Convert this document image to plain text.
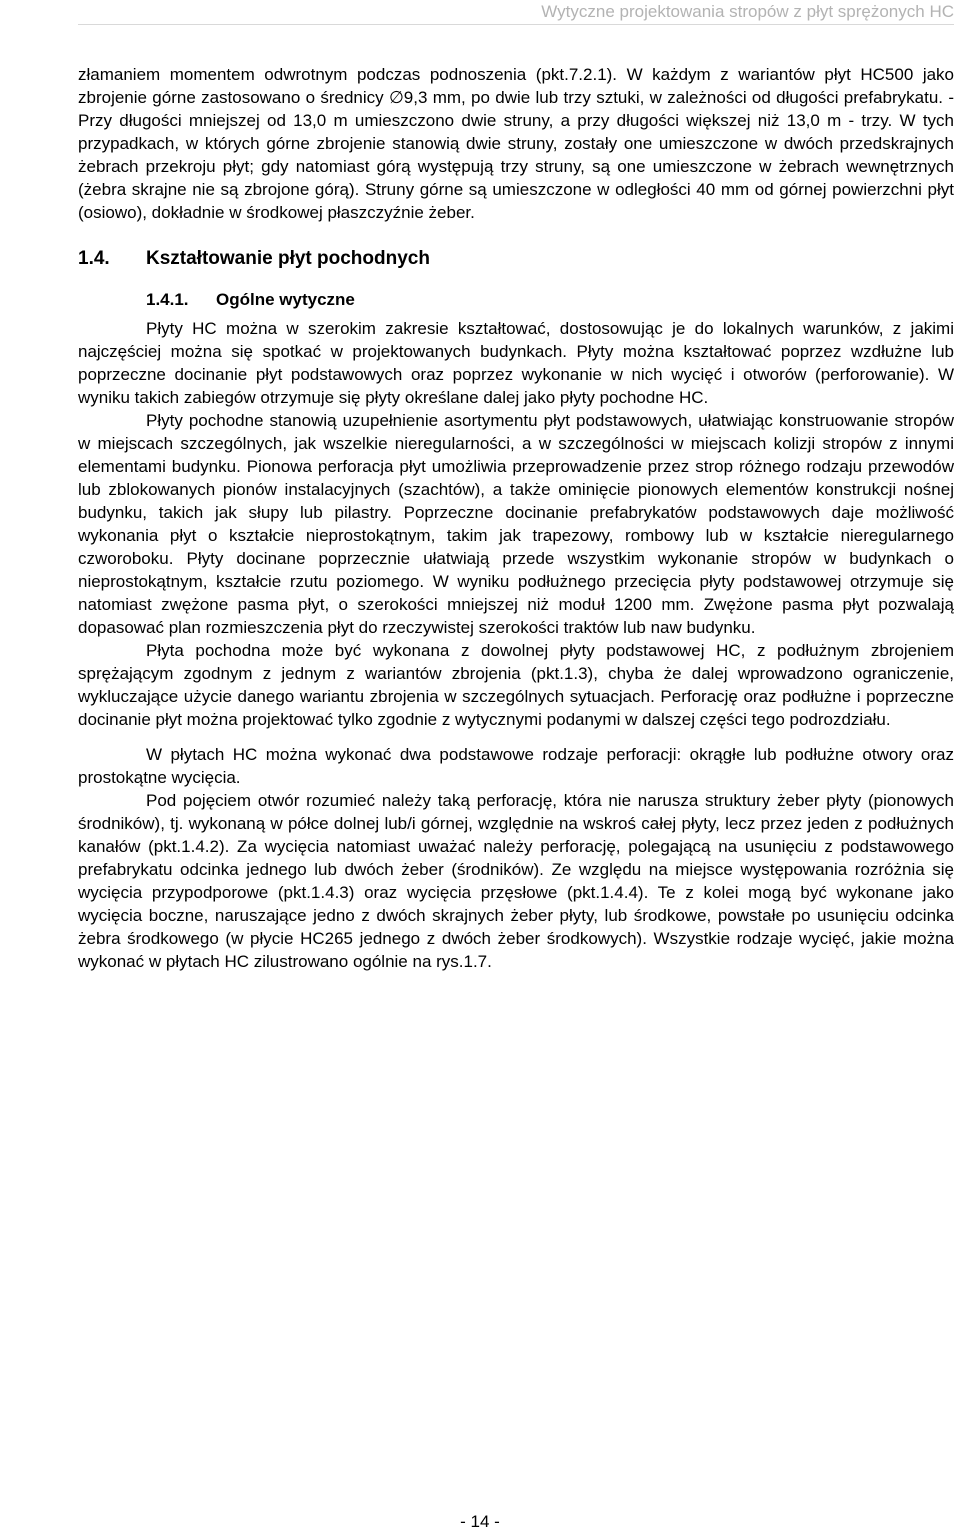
Wytyczne projektowania stropów z płyt sprężonych HC

złamaniem momentem odwrotnym podczas podnoszenia (pkt.7.2.1). W każdym z wariantów płyt HC500 jako zbrojenie górne zastosowano o średnicy ∅9,3 mm, po dwie lub trzy sztuki, w zależności od długości prefabrykatu. - Przy długości mniejszej od 13,0 m umieszczono dwie struny, a przy długości większej niż 13,0 m - trzy. W tych przypadkach, w których górne zbrojenie stanowią dwie struny, zostały one umieszczone w dwóch przedskrajnych żebrach przekroju płyt; gdy natomiast górą występują trzy struny, są one umieszczone w żebrach wewnętrznych (żebra skrajne nie są zbrojone górą). Struny górne są umieszczone w odległości 40 mm od górnej powierzchni płyt (osiowo), dokładnie w środkowej płaszczyźnie żeber.

1.4.	Kształtowanie płyt pochodnych
1.4.1.	Ogólne wytyczne

Płyty HC można w szerokim zakresie kształtować, dostosowując je do lokalnych warunków, z jakimi najczęściej można się spotkać w projektowanych budynkach. Płyty można kształtować poprzez wzdłużne lub poprzeczne docinanie płyt podstawowych oraz poprzez wykonanie w nich wycięć i otworów (perforowanie). W wyniku takich zabiegów otrzymuje się płyty określane dalej jako płyty pochodne HC.

Płyty pochodne stanowią uzupełnienie asortymentu płyt podstawowych, ułatwiając konstruowanie stropów w miejscach szczególnych, jak wszelkie nieregularności, a w szczególności w miejscach kolizji stropów z innymi elementami budynku. Pionowa perforacja płyt umożliwia przeprowadzenie przez strop różnego rodzaju przewodów lub zblokowanych pionów instalacyjnych (szachtów), a także ominięcie pionowych elementów konstrukcji nośnej budynku, takich jak słupy lub pilastry. Poprzeczne docinanie prefabrykatów podstawowych daje możliwość wykonania płyt o kształcie nieprostokątnym, takim jak trapezowy, rombowy lub w kształcie nieregularnego czworoboku. Płyty docinane poprzecznie ułatwiają przede wszystkim wykonanie stropów w budynkach o nieprostokątnym, kształcie rzutu poziomego. W wyniku podłużnego przecięcia płyty podstawowej otrzymuje się natomiast zwężone pasma płyt, o szerokości mniejszej niż moduł 1200 mm. Zwężone pasma płyt pozwalają dopasować plan rozmieszczenia płyt do rzeczywistej szerokości traktów lub naw budynku.

Płyta pochodna może być wykonana z dowolnej płyty podstawowej HC, z podłużnym zbrojeniem sprężającym zgodnym z jednym z wariantów zbrojenia (pkt.1.3), chyba że dalej wprowadzono ograniczenie, wykluczające użycie danego wariantu zbrojenia w szczególnych sytuacjach. Perforację oraz podłużne i poprzeczne docinanie płyt można projektować tylko zgodnie z wytycznymi podanymi w dalszej części tego podrozdziału.

W płytach HC można wykonać dwa podstawowe rodzaje perforacji: okrągłe lub podłużne otwory oraz prostokątne wycięcia.

Pod pojęciem otwór rozumieć należy taką perforację, która nie narusza struktury żeber płyty (pionowych środników), tj. wykonaną w półce dolnej lub/i górnej, względnie na wskroś całej płyty, lecz przez jeden z podłużnych kanałów (pkt.1.4.2). Za wycięcia natomiast uważać należy perforację, polegającą na usunięciu z podstawowego prefabrykatu odcinka jednego lub dwóch żeber (środników). Ze względu na miejsce występowania rozróżnia się wycięcia przypodporowe (pkt.1.4.3) oraz wycięcia przęsłowe (pkt.1.4.4). Te z kolei mogą być wykonane jako wycięcia boczne, naruszające jedno z dwóch skrajnych żeber płyty, lub środkowe, powstałe po usunięciu odcinka żebra środkowego (w płycie HC265 jednego z dwóch żeber środkowych). Wszystkie rodzaje wycięć, jakie można wykonać w płytach HC zilustrowano ogólnie na rys.1.7.

- 14 -
